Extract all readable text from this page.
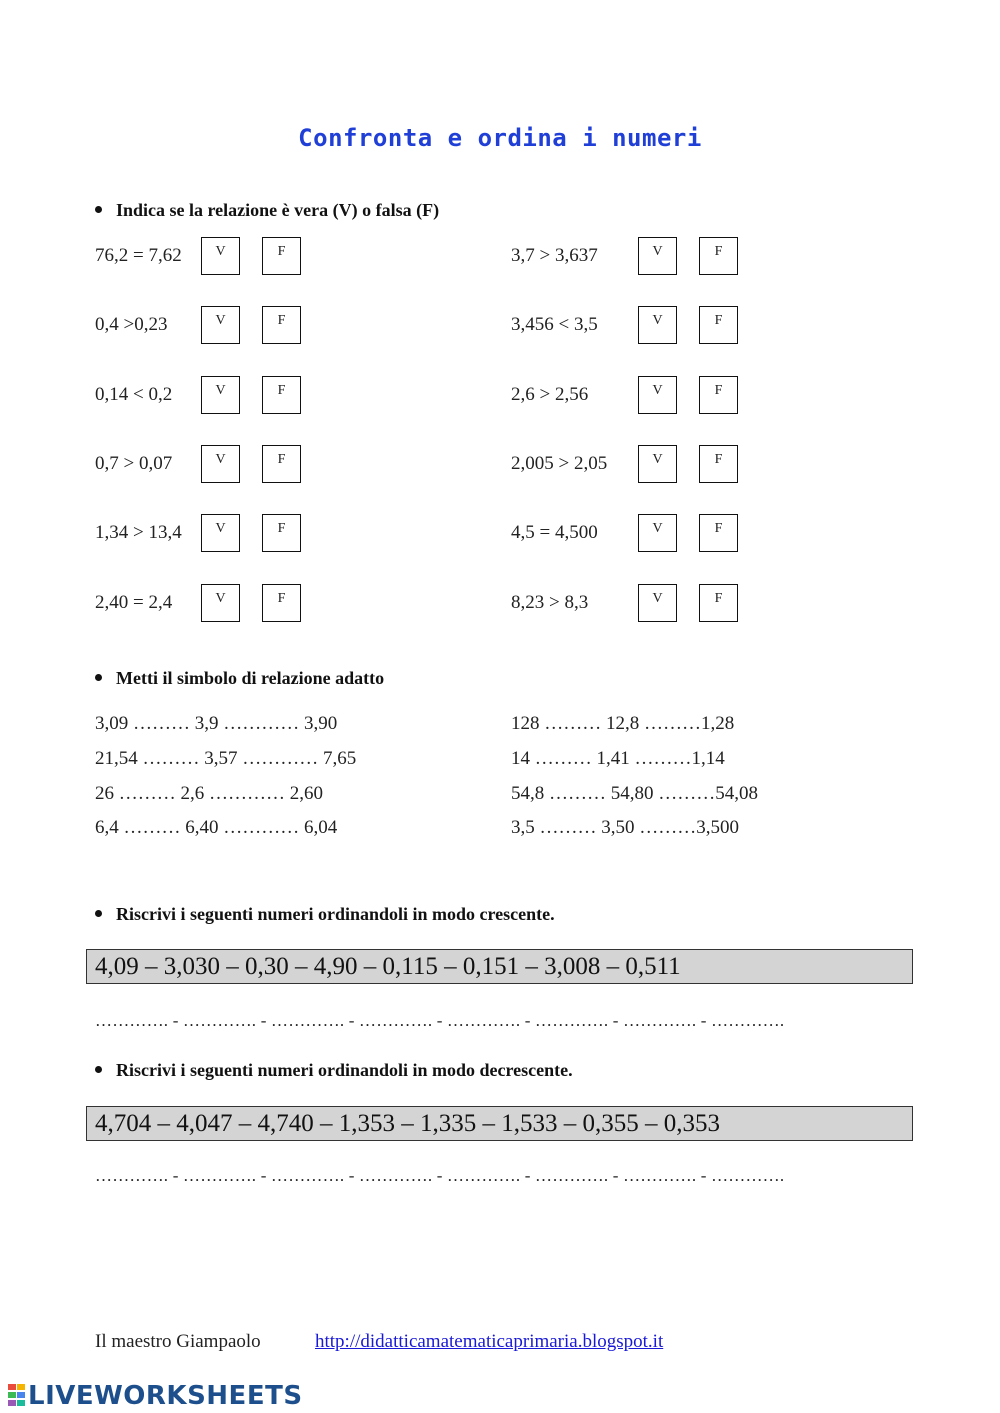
Confronta e ordina i numeri
Indica se la relazione è vera (V) o falsa (F)
76,2 = 7,62	V	F
0,4 >0,23	V	F
0,14 < 0,2	V	F
0,7 > 0,07	V	F
1,34 > 13,4	V	F
2,40 = 2,4	V	F
3,7 > 3,637	V	F
3,456 < 3,5	V	F
2,6 > 2,56	V	F
2,005 > 2,05	V	F
4,5 = 4,500	V	F
8,23 > 8,3	V	F
Metti il simbolo di relazione adatto
3,09 ……… 3,9 ………… 3,90
21,54 ……… 3,57 ………… 7,65
26 ……… 2,6 ………… 2,60
6,4 ……… 6,40 ………… 6,04
128 ……… 12,8 ………1,28
14 ……… 1,41 ………1,14
54,8 ……… 54,80 ………54,08
3,5 ……… 3,50 ………3,500
Riscrivi i seguenti numeri ordinandoli in modo crescente.
4,09 – 3,030 – 0,30 – 4,90 – 0,115 – 0,151 – 3,008 – 0,511
…………. - …………. - …………. - …………. - …………. - …………. - …………. - ………….
Riscrivi i seguenti numeri ordinandoli in modo decrescente.
4,704 – 4,047 – 4,740 – 1,353 – 1,335 – 1,533 – 0,355 – 0,353
…………. - …………. - …………. - …………. - …………. - …………. - …………. - ………….
Il maestro Giampaolo	http://didatticamatematicaprimaria.blogspot.it
LIVEWORKSHEETS
